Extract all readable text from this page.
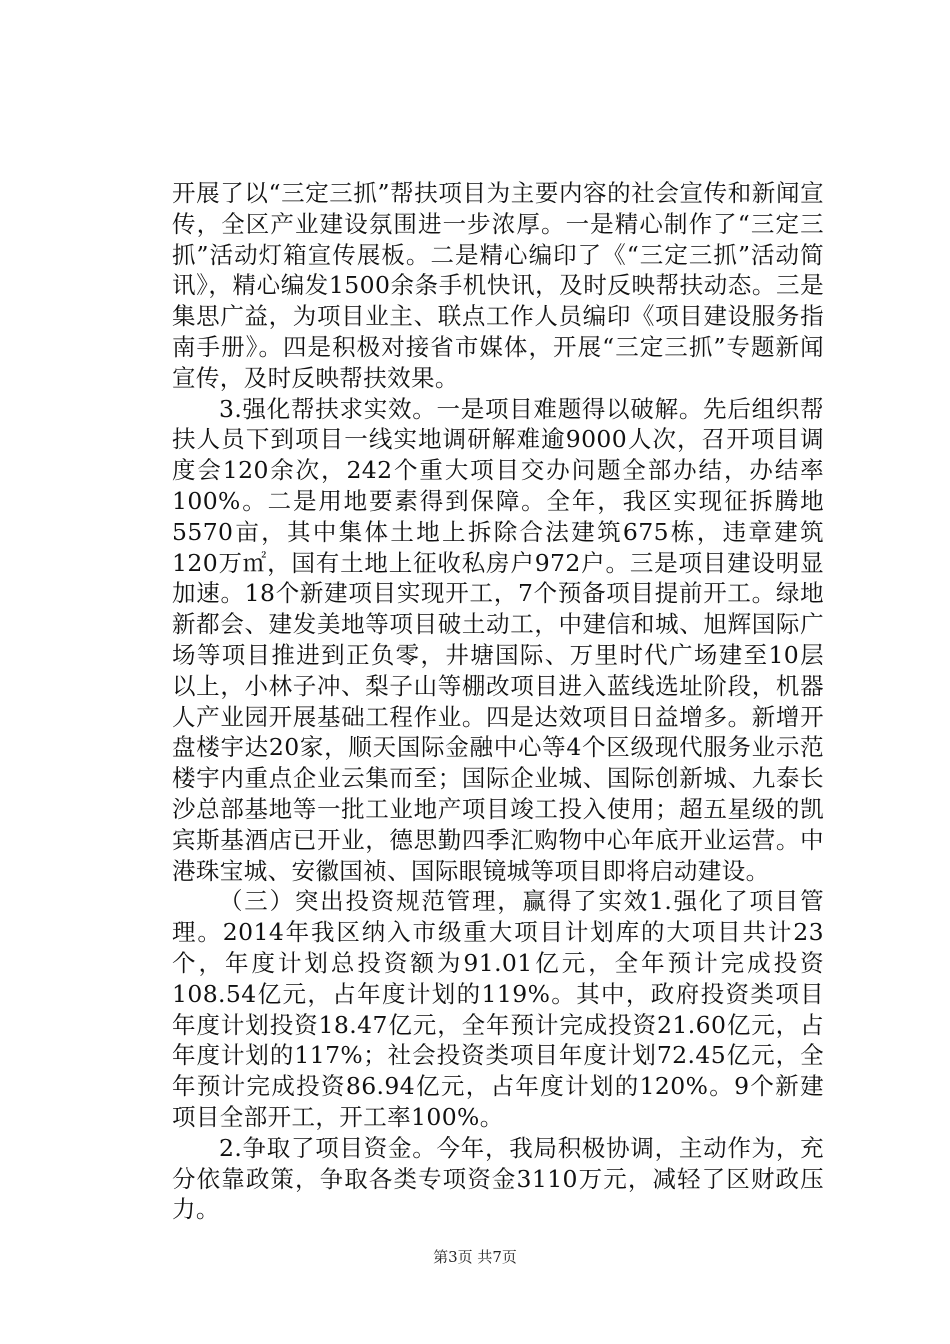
开展了以“三定三抓”帮扶项目为主要内容的社会宣传和新闻宣传，全区产业建设氛围进一步浓厚。一是精心制作了“三定三抓”活动灯箱宣传展板。二是精心编印了《“三定三抓”活动简讯》，精心编发1500余条手机快讯，及时反映帮扶动态。三是集思广益，为项目业主、联点工作人员编印《项目建设服务指南手册》。四是积极对接省市媒体，开展“三定三抓”专题新闻宣传，及时反映帮扶效果。

3.强化帮扶求实效。一是项目难题得以破解。先后组织帮扶人员下到项目一线实地调研解难逾9000人次，召开项目调度会120余次，242个重大项目交办问题全部办结，办结率100%。二是用地要素得到保障。全年，我区实现征拆腾地5570亩，其中集体土地上拆除合法建筑675栋，违章建筑120万㎡，国有土地上征收私房户972户。三是项目建设明显加速。18个新建项目实现开工，7个预备项目提前开工。绿地新都会、建发美地等项目破土动工，中建信和城、旭辉国际广场等项目推进到正负零，井塘国际、万里时代广场建至10层以上，小林子冲、梨子山等棚改项目进入蓝线选址阶段，机器人产业园开展基础工程作业。四是达效项目日益增多。新增开盘楼宇达20家，顺天国际金融中心等4个区级现代服务业示范楼宇内重点企业云集而至；国际企业城、国际创新城、九泰长沙总部基地等一批工业地产项目竣工投入使用；超五星级的凯宾斯基酒店已开业，德思勤四季汇购物中心年底开业运营。中港珠宝城、安徽国祯、国际眼镜城等项目即将启动建设。

（三）突出投资规范管理，赢得了实效1.强化了项目管理。2014年我区纳入市级重大项目计划库的大项目共计23个，年度计划总投资额为91.01亿元，全年预计完成投资108.54亿元，占年度计划的119%。其中，政府投资类项目年度计划投资18.47亿元，全年预计完成投资21.60亿元，占年度计划的117%；社会投资类项目年度计划72.45亿元，全年预计完成投资86.94亿元，占年度计划的120%。9个新建项目全部开工，开工率100%。

2.争取了项目资金。今年，我局积极协调，主动作为，充分依靠政策，争取各类专项资金3110万元，减轻了区财政压力。

第3页 共7页
